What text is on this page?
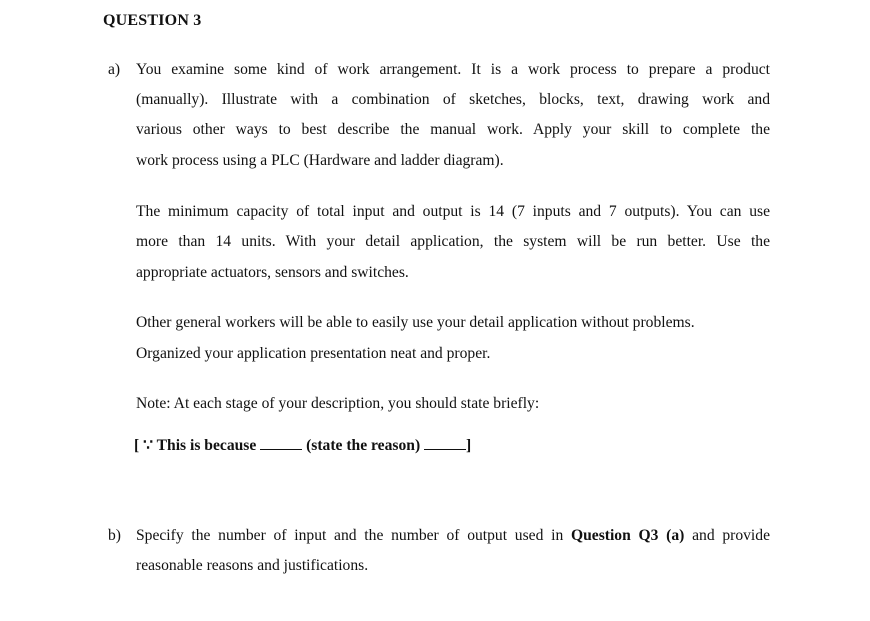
QUESTION 3
a) You examine some kind of work arrangement. It is a work process to prepare a product
(manually). Illustrate with a combination of sketches, blocks, text, drawing work and
various other ways to best describe the manual work. Apply your skill to complete the
work process using a PLC (Hardware and ladder diagram).
The minimum capacity of total input and output is 14 (7 inputs and 7 outputs). You can use
more than 14 units. With your detail application, the system will be run better. Use the
appropriate actuators, sensors and switches.
Other general workers will be able to easily use your detail application without problems.
Organized your application presentation neat and proper.
Note: At each stage of your description, you should state briefly:
[ ∵ This is because	(state the reason)	]
b) Specify the number of input and the number of output used in Question Q3 (a) and provide
reasonable reasons and justifications.
